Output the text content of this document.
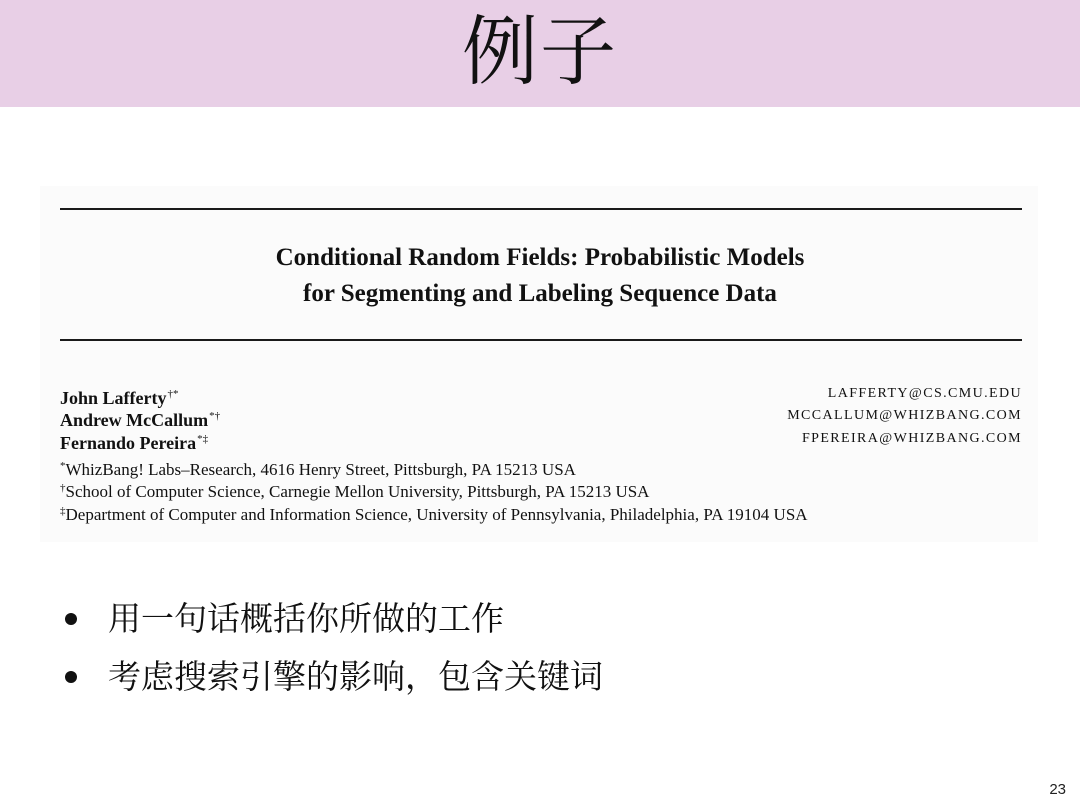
例子
Conditional Random Fields: Probabilistic Models
for Segmenting and Labeling Sequence Data
John Lafferty†*	LAFFERTY@CS.CMU.EDU
Andrew McCallum*†	MCCALLUM@WHIZBANG.COM
Fernando Pereira*‡	FPEREIRA@WHIZBANG.COM
*WhizBang! Labs–Research, 4616 Henry Street, Pittsburgh, PA 15213 USA
†School of Computer Science, Carnegie Mellon University, Pittsburgh, PA 15213 USA
‡Department of Computer and Information Science, University of Pennsylvania, Philadelphia, PA 19104 USA
用一句话概括你所做的工作
考虑搜索引擎的影响，包含关键词
23
